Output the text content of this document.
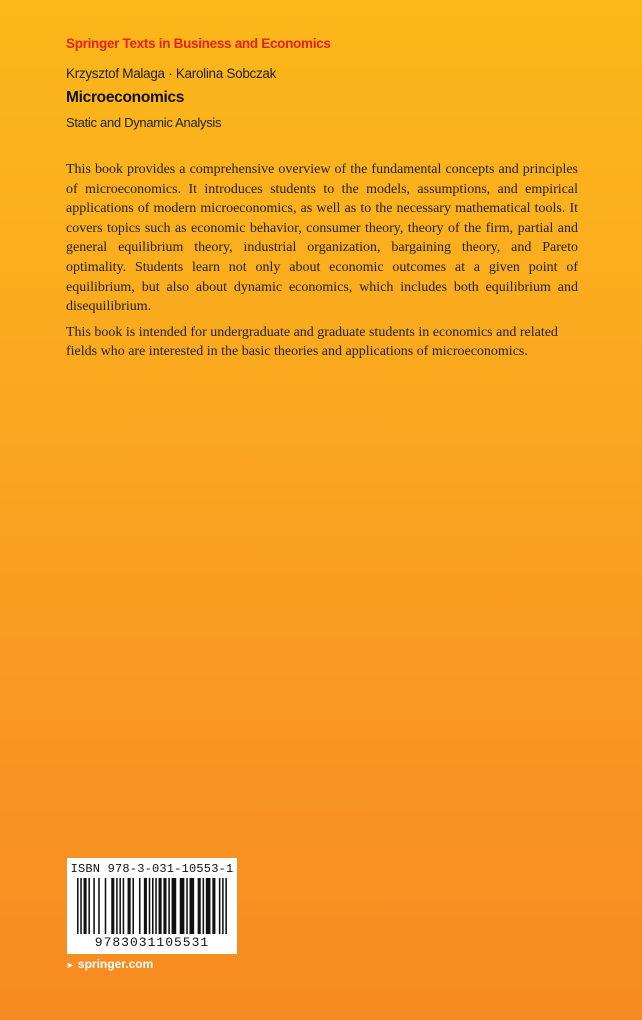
Springer Texts in Business and Economics
Krzysztof Malaga · Karolina Sobczak
Microeconomics
Static and Dynamic Analysis

This book provides a comprehensive overview of the fundamental concepts and principles of microeconomics. It introduces students to the models, assumptions, and empirical applications of modern microeconomics, as well as to the necessary mathematical tools. It covers topics such as economic behavior, consumer theory, theory of the firm, partial and general equilibrium theory, industrial organization, bargaining theory, and Pareto optimality. Students learn not only about economic outcomes at a given point of equilibrium, but also about dynamic economics, which includes both equilibrium and disequilibrium.

This book is intended for undergraduate and graduate students in economics and related fields who are interested in the basic theories and applications of microeconomics.

ISBN 978-3-031-10553-1
9783031105531
► springer.com
